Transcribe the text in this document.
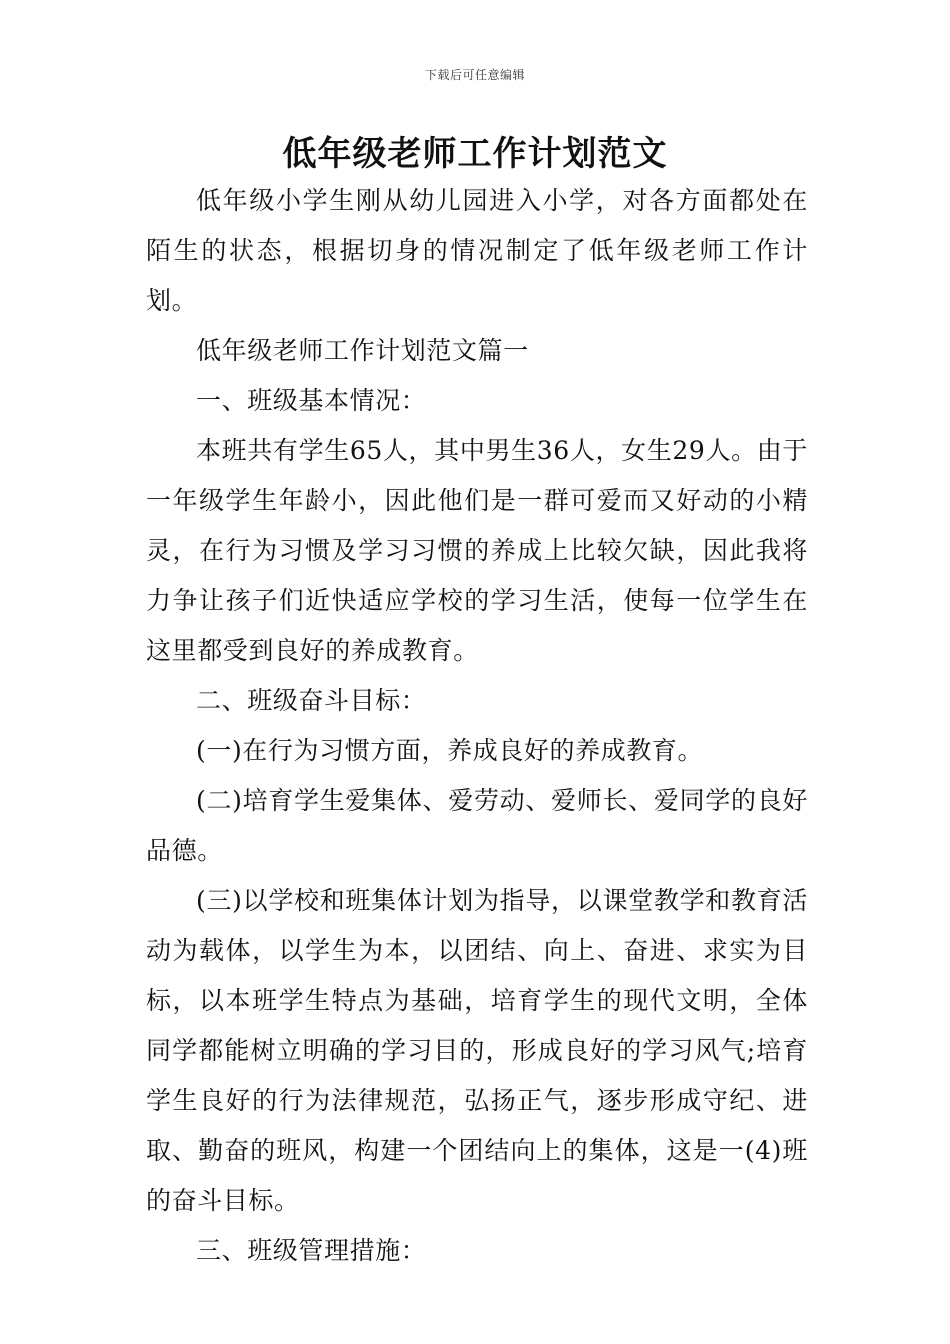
下载后可任意编辑
低年级老师工作计划范文

低年级小学生刚从幼儿园进入小学，对各方面都处在陌生的状态，根据切身的情况制定了低年级老师工作计划。

低年级老师工作计划范文篇一

一、班级基本情况：

本班共有学生65人，其中男生36人，女生29人。由于一年级学生年龄小，因此他们是一群可爱而又好动的小精灵，在行为习惯及学习习惯的养成上比较欠缺，因此我将力争让孩子们近快适应学校的学习生活，使每一位学生在这里都受到良好的养成教育。

二、班级奋斗目标：

(一)在行为习惯方面，养成良好的养成教育。

(二)培育学生爱集体、爱劳动、爱师长、爱同学的良好品德。

(三)以学校和班集体计划为指导，以课堂教学和教育活动为载体，以学生为本，以团结、向上、奋进、求实为目标，以本班学生特点为基础，培育学生的现代文明，全体同学都能树立明确的学习目的，形成良好的学习风气;培育学生良好的行为法律规范，弘扬正气，逐步形成守纪、进取、勤奋的班风，构建一个团结向上的集体，这是一(4)班的奋斗目标。

三、班级管理措施：
